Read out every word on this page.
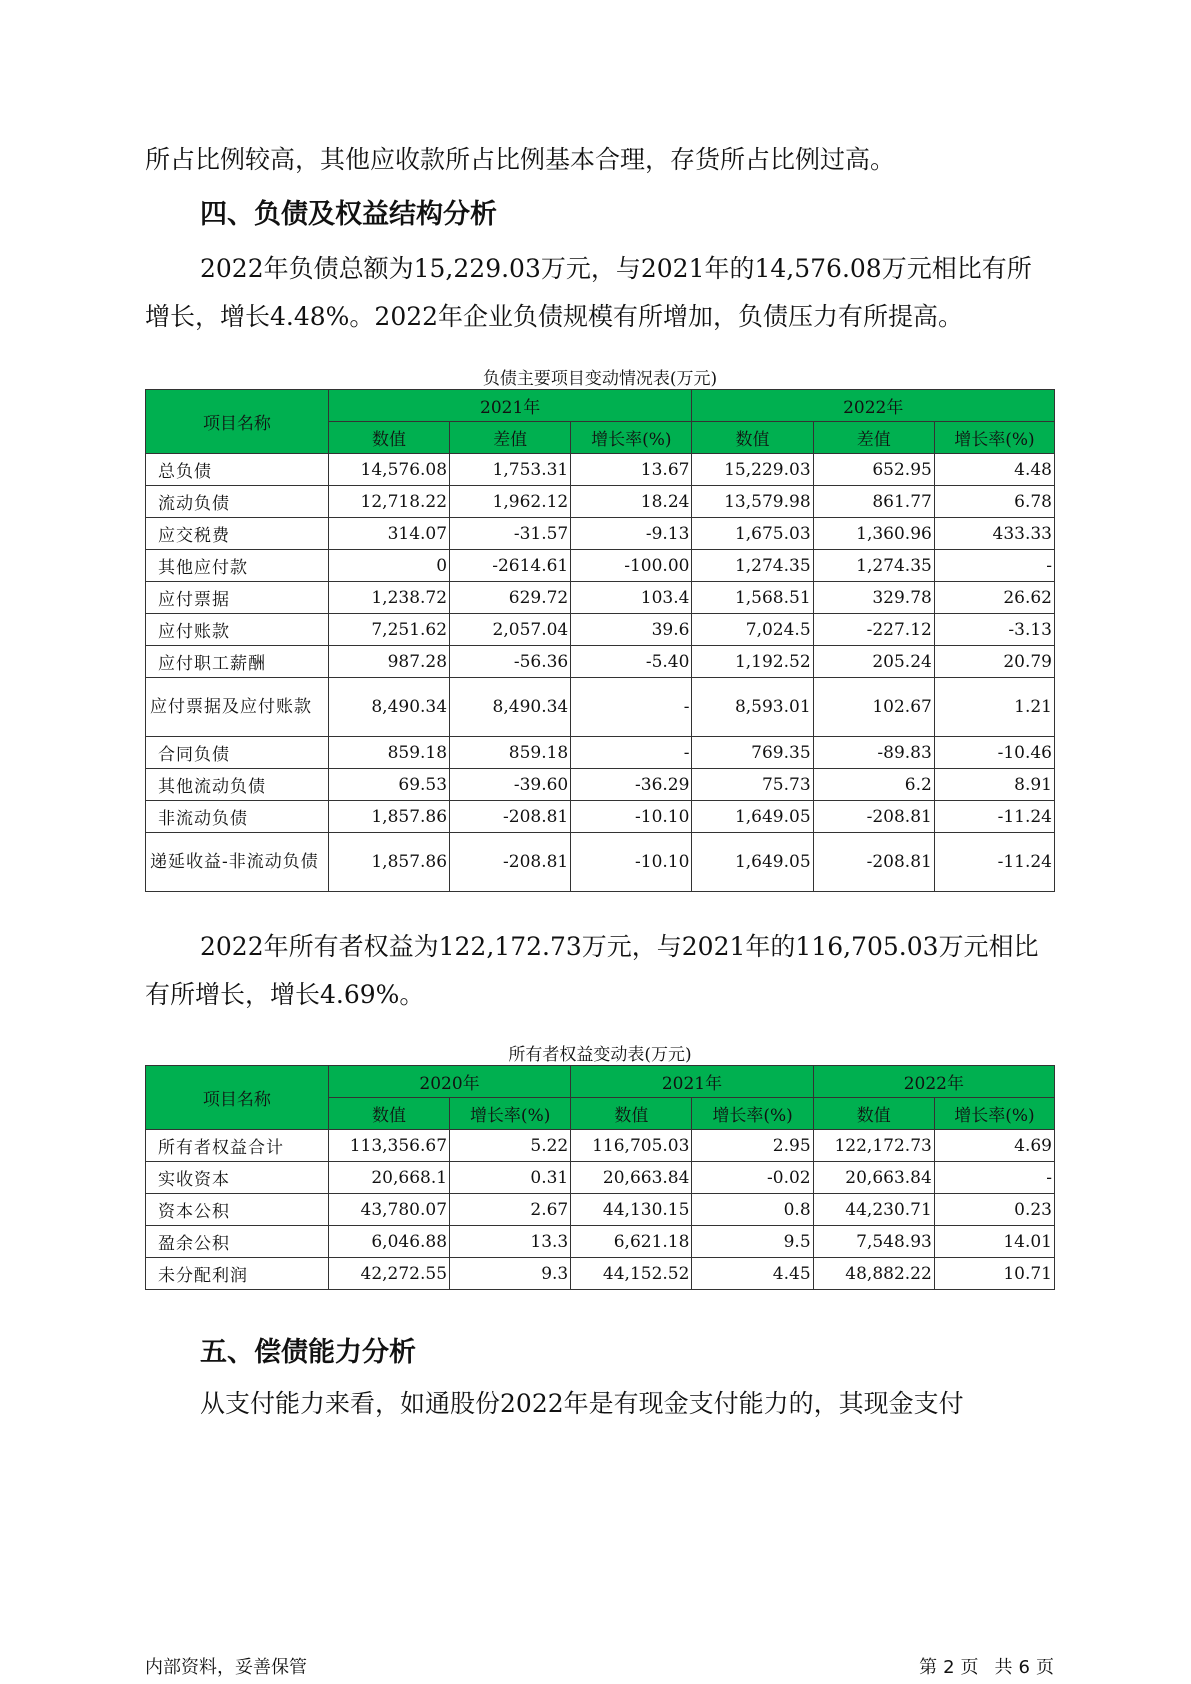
所占比例较高，其他应收款所占比例基本合理，存货所占比例过高。

四、负债及权益结构分析

2022年负债总额为15,229.03万元，与2021年的14,576.08万元相比有所增长，增长4.48%。2022年企业负债规模有所增加，负债压力有所提高。

负债主要项目变动情况表(万元)

项目名称	2021年			2022年		
	数值	差值	增长率(%)	数值	差值	增长率(%)
总负债	14,576.08	1,753.31	13.67	15,229.03	652.95	4.48
流动负债	12,718.22	1,962.12	18.24	13,579.98	861.77	6.78
应交税费	314.07	-31.57	-9.13	1,675.03	1,360.96	433.33
其他应付款	0	-2614.61	-100.00	1,274.35	1,274.35	-
应付票据	1,238.72	629.72	103.4	1,568.51	329.78	26.62
应付账款	7,251.62	2,057.04	39.6	7,024.5	-227.12	-3.13
应付职工薪酬	987.28	-56.36	-5.40	1,192.52	205.24	20.79
应付票据及应付账款	8,490.34	8,490.34	-	8,593.01	102.67	1.21
合同负债	859.18	859.18	-	769.35	-89.83	-10.46
其他流动负债	69.53	-39.60	-36.29	75.73	6.2	8.91
非流动负债	1,857.86	-208.81	-10.10	1,649.05	-208.81	-11.24
递延收益-非流动负债	1,857.86	-208.81	-10.10	1,649.05	-208.81	-11.24

2022年所有者权益为122,172.73万元，与2021年的116,705.03万元相比有所增长，增长4.69%。

所有者权益变动表(万元)

项目名称	2020年		2021年		2022年	
	数值	增长率(%)	数值	增长率(%)	数值	增长率(%)
所有者权益合计	113,356.67	5.22	116,705.03	2.95	122,172.73	4.69
实收资本	20,668.1	0.31	20,663.84	-0.02	20,663.84	-
资本公积	43,780.07	2.67	44,130.15	0.8	44,230.71	0.23
盈余公积	6,046.88	13.3	6,621.18	9.5	7,548.93	14.01
未分配利润	42,272.55	9.3	44,152.52	4.45	48,882.22	10.71
五、偿债能力分析

从支付能力来看，如通股份2022年是有现金支付能力的，其现金支付

内部资料，妥善保管	第 2 页 共 6 页
